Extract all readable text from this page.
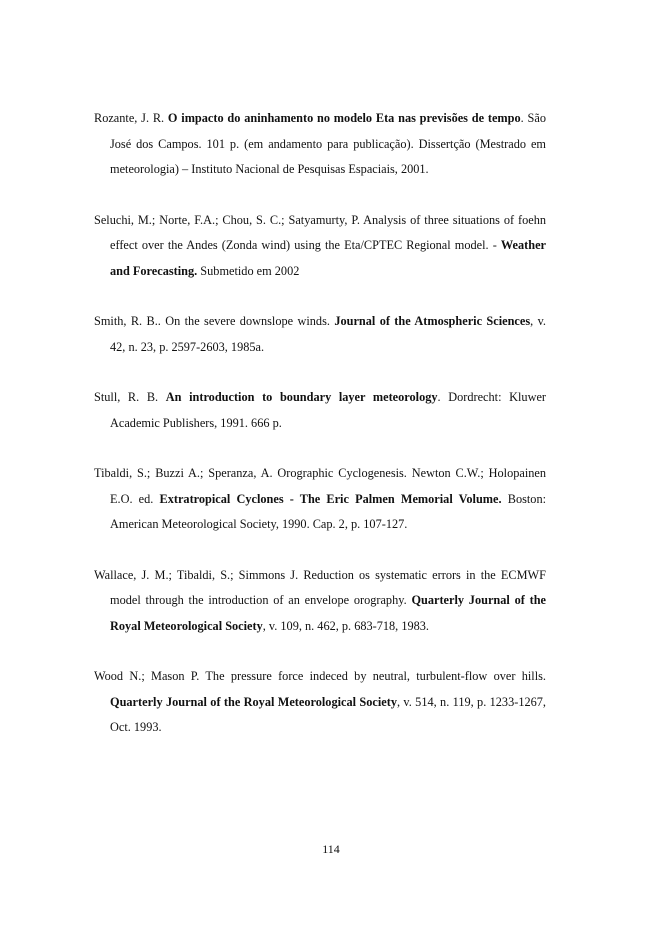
Rozante, J. R. O impacto do aninhamento no modelo Eta nas previsões de tempo. São José dos Campos. 101 p. (em andamento para publicação). Dissertção (Mestrado em meteorologia) – Instituto Nacional de Pesquisas Espaciais, 2001.

Seluchi, M.; Norte, F.A.; Chou, S. C.; Satyamurty, P. Analysis of three situations of foehn effect over the Andes (Zonda wind) using the Eta/CPTEC Regional model. - Weather and Forecasting. Submetido em 2002

Smith, R. B.. On the severe downslope winds. Journal of the Atmospheric Sciences, v. 42, n. 23, p. 2597-2603, 1985a.

Stull, R. B. An introduction to boundary layer meteorology. Dordrecht: Kluwer Academic Publishers, 1991. 666 p.

Tibaldi, S.; Buzzi A.; Speranza, A. Orographic Cyclogenesis. Newton C.W.; Holopainen E.O. ed. Extratropical Cyclones - The Eric Palmen Memorial Volume. Boston: American Meteorological Society, 1990. Cap. 2, p. 107-127.

Wallace, J. M.; Tibaldi, S.; Simmons J. Reduction os systematic errors in the ECMWF model through the introduction of an envelope orography. Quarterly Journal of the Royal Meteorological Society, v. 109, n. 462, p. 683-718, 1983.

Wood N.; Mason P. The pressure force indeced by neutral, turbulent-flow over hills. Quarterly Journal of the Royal Meteorological Society, v. 514, n. 119, p. 1233-1267, Oct. 1993.

114
